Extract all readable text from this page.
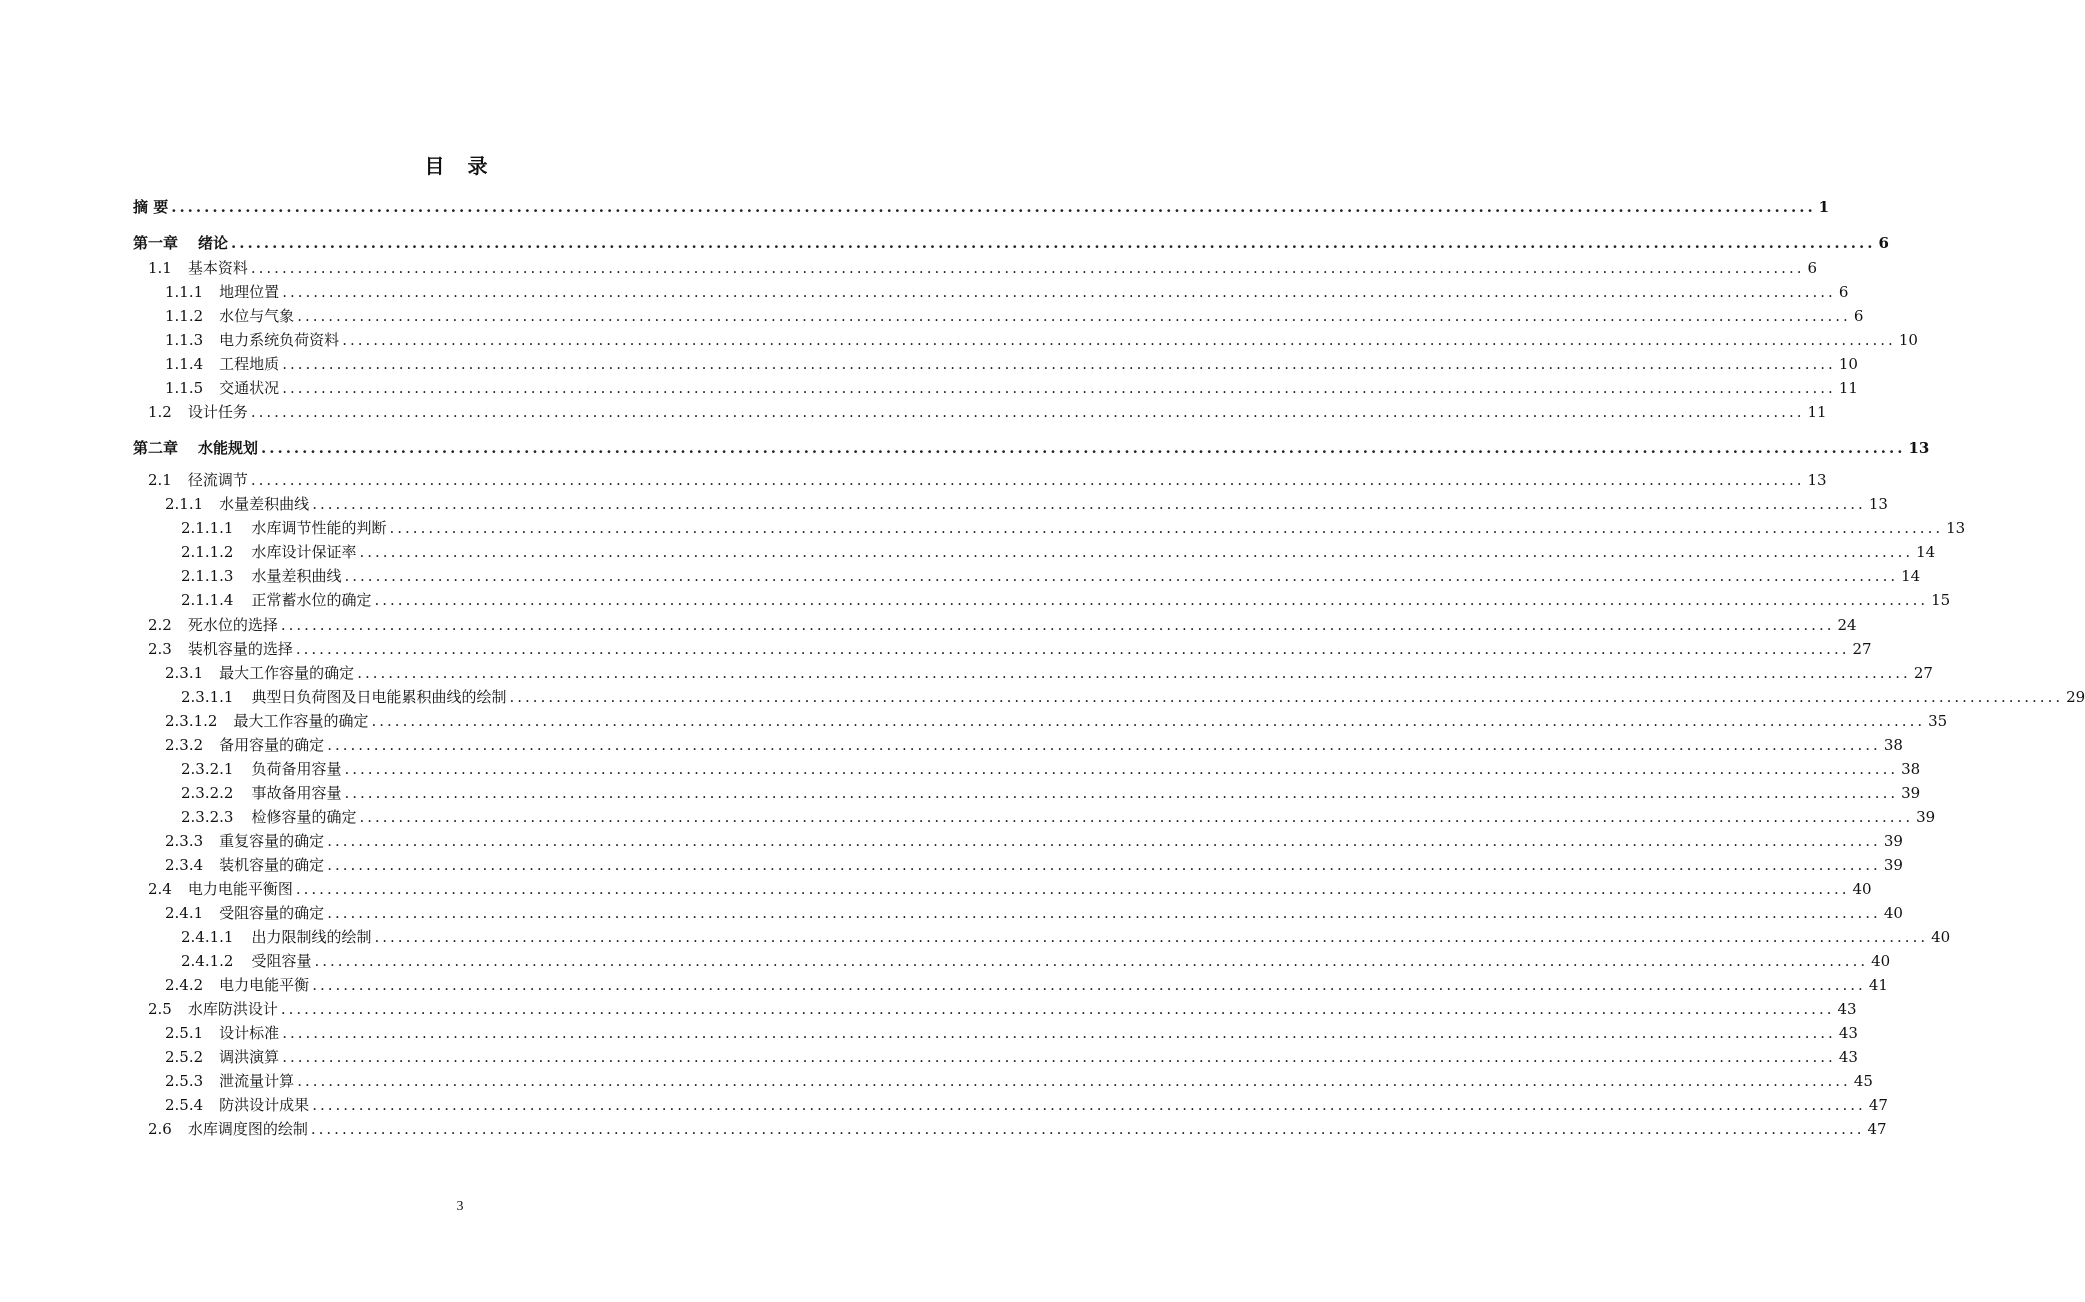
目 录
摘 要 ........................................................................................................................................................................................................ 1
第一章 绪论 ........................................................................................................................................................................................................ 6
1.1 基本资料 ........................................................................................................................................................................................................ 6
1.1.1 地理位置 ........................................................................................................................................................................................................ 6
1.1.2 水位与气象 ........................................................................................................................................................................................................ 6
1.1.3 电力系统负荷资料 ........................................................................................................................................................................................................ 10
1.1.4 工程地质 ........................................................................................................................................................................................................ 10
1.1.5 交通状况 ........................................................................................................................................................................................................ 11
1.2 设计任务 ........................................................................................................................................................................................................ 11
第二章 水能规划 ........................................................................................................................................................................................................ 13
2.1 径流调节 ........................................................................................................................................................................................................ 13
2.1.1 水量差积曲线 ........................................................................................................................................................................................................ 13
2.1.1.1 水库调节性能的判断 ........................................................................................................................................................................................................ 13
2.1.1.2 水库设计保证率 ........................................................................................................................................................................................................ 14
2.1.1.3 水量差积曲线 ........................................................................................................................................................................................................ 14
2.1.1.4 正常蓄水位的确定 ........................................................................................................................................................................................................ 15
2.2 死水位的选择 ........................................................................................................................................................................................................ 24
2.3 装机容量的选择 ........................................................................................................................................................................................................ 27
2.3.1 最大工作容量的确定 ........................................................................................................................................................................................................ 27
2.3.1.1 典型日负荷图及日电能累积曲线的绘制 ........................................................................................................................................................................................................ 29
2.3.1.2 最大工作容量的确定 ........................................................................................................................................................................................................ 35
2.3.2 备用容量的确定 ........................................................................................................................................................................................................ 38
2.3.2.1 负荷备用容量 ........................................................................................................................................................................................................ 38
2.3.2.2 事故备用容量 ........................................................................................................................................................................................................ 39
2.3.2.3 检修容量的确定 ........................................................................................................................................................................................................ 39
2.3.3 重复容量的确定 ........................................................................................................................................................................................................ 39
2.3.4 装机容量的确定 ........................................................................................................................................................................................................ 39
2.4 电力电能平衡图 ........................................................................................................................................................................................................ 40
2.4.1 受阻容量的确定 ........................................................................................................................................................................................................ 40
2.4.1.1 出力限制线的绘制 ........................................................................................................................................................................................................ 40
2.4.1.2 受阻容量 ........................................................................................................................................................................................................ 40
2.4.2 电力电能平衡 ........................................................................................................................................................................................................ 41
2.5 水库防洪设计 ........................................................................................................................................................................................................ 43
2.5.1 设计标准 ........................................................................................................................................................................................................ 43
2.5.2 调洪演算 ........................................................................................................................................................................................................ 43
2.5.3 泄流量计算 ........................................................................................................................................................................................................ 45
2.5.4 防洪设计成果 ........................................................................................................................................................................................................ 47
2.6 水库调度图的绘制 ........................................................................................................................................................................................................ 47
3
